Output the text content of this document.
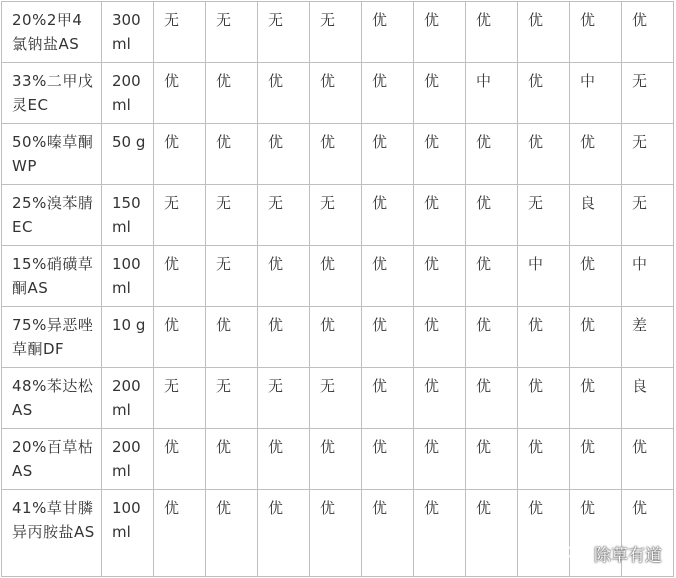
20%2甲4氯钠盐AS	300 ml	无	无	无	无	优	优	优	优	优	优
33%二甲戊灵EC	200 ml	优	优	优	优	优	优	中	优	中	无
50%嗪草酮WP	50 g	优	优	优	优	优	优	优	优	优	无
25%溴苯腈EC	150 ml	无	无	无	无	优	优	优	无	良	无
15%硝磺草酮AS	100 ml	优	无	优	优	优	优	优	中	优	中
75%异恶唑草酮DF	10 g	优	优	优	优	优	优	优	优	优	差
48%苯达松AS	200 ml	无	无	无	无	优	优	优	优	优	良
20%百草枯AS	200 ml	优	优	优	优	优	优	优	优	优	优
41%草甘膦异丙胺盐AS	100 ml	优	优	优	优	优	优	优	优	优	优
除草有道
